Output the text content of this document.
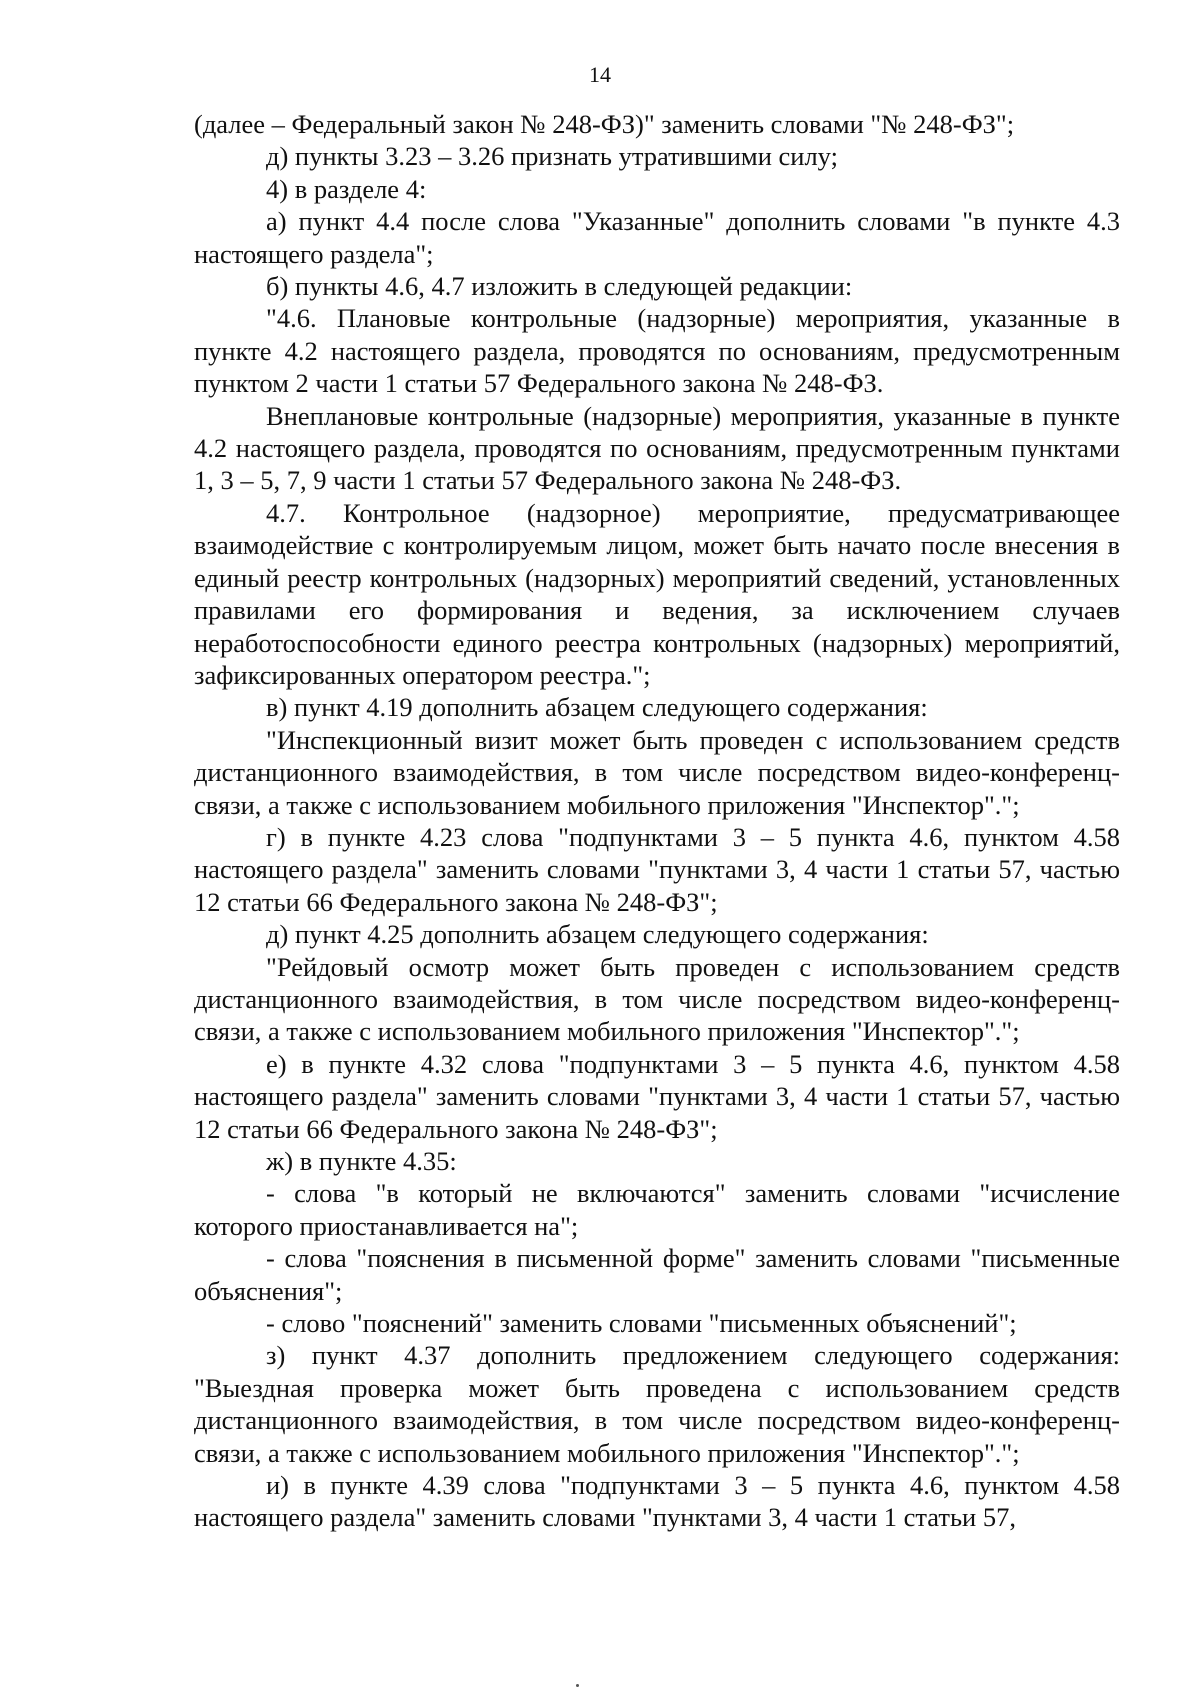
14

(далее – Федеральный закон № 248-ФЗ)" заменить словами "№ 248-ФЗ";

д) пункты 3.23 – 3.26 признать утратившими силу;

4) в разделе 4:

а) пункт 4.4 после слова "Указанные" дополнить словами "в пункте 4.3 настоящего раздела";

б) пункты 4.6, 4.7 изложить в следующей редакции:

"4.6. Плановые контрольные (надзорные) мероприятия, указанные в пункте 4.2 настоящего раздела, проводятся по основаниям, предусмотренным пунктом 2 части 1 статьи 57 Федерального закона № 248-ФЗ.

Внеплановые контрольные (надзорные) мероприятия, указанные в пункте 4.2 настоящего раздела, проводятся по основаниям, предусмотренным пунктами 1, 3 – 5, 7, 9 части 1 статьи 57 Федерального закона № 248-ФЗ.

4.7. Контрольное (надзорное) мероприятие, предусматривающее взаимодействие с контролируемым лицом, может быть начато после внесения в единый реестр контрольных (надзорных) мероприятий сведений, установленных правилами его формирования и ведения, за исключением случаев неработоспособности единого реестра контрольных (надзорных) мероприятий, зафиксированных оператором реестра.";

в) пункт 4.19 дополнить абзацем следующего содержания:

"Инспекционный визит может быть проведен с использованием средств дистанционного взаимодействия, в том числе посредством видео-конференц-связи, а также с использованием мобильного приложения "Инспектор".";

г) в пункте 4.23 слова "подпунктами 3 – 5 пункта 4.6, пунктом 4.58 настоящего раздела" заменить словами "пунктами 3, 4 части 1 статьи 57, частью 12 статьи 66 Федерального закона № 248-ФЗ";

д) пункт 4.25 дополнить абзацем следующего содержания:

"Рейдовый осмотр может быть проведен с использованием средств дистанционного взаимодействия, в том числе посредством видео-конференц-связи, а также с использованием мобильного приложения "Инспектор".";

е) в пункте 4.32 слова "подпунктами 3 – 5 пункта 4.6, пунктом 4.58 настоящего раздела" заменить словами "пунктами 3, 4 части 1 статьи 57, частью 12 статьи 66 Федерального закона № 248-ФЗ";

ж) в пункте 4.35:

- слова "в который не включаются" заменить словами "исчисление которого приостанавливается на";

- слова "пояснения в письменной форме" заменить словами "письменные объяснения";

- слово "пояснений" заменить словами "письменных объяснений";

з) пункт 4.37 дополнить предложением следующего содержания: "Выездная проверка может быть проведена с использованием средств дистанционного взаимодействия, в том числе посредством видео-конференц-связи, а также с использованием мобильного приложения "Инспектор".";

и) в пункте 4.39 слова "подпунктами 3 – 5 пункта 4.6, пунктом 4.58 настоящего раздела" заменить словами "пунктами 3, 4 части 1 статьи 57,
